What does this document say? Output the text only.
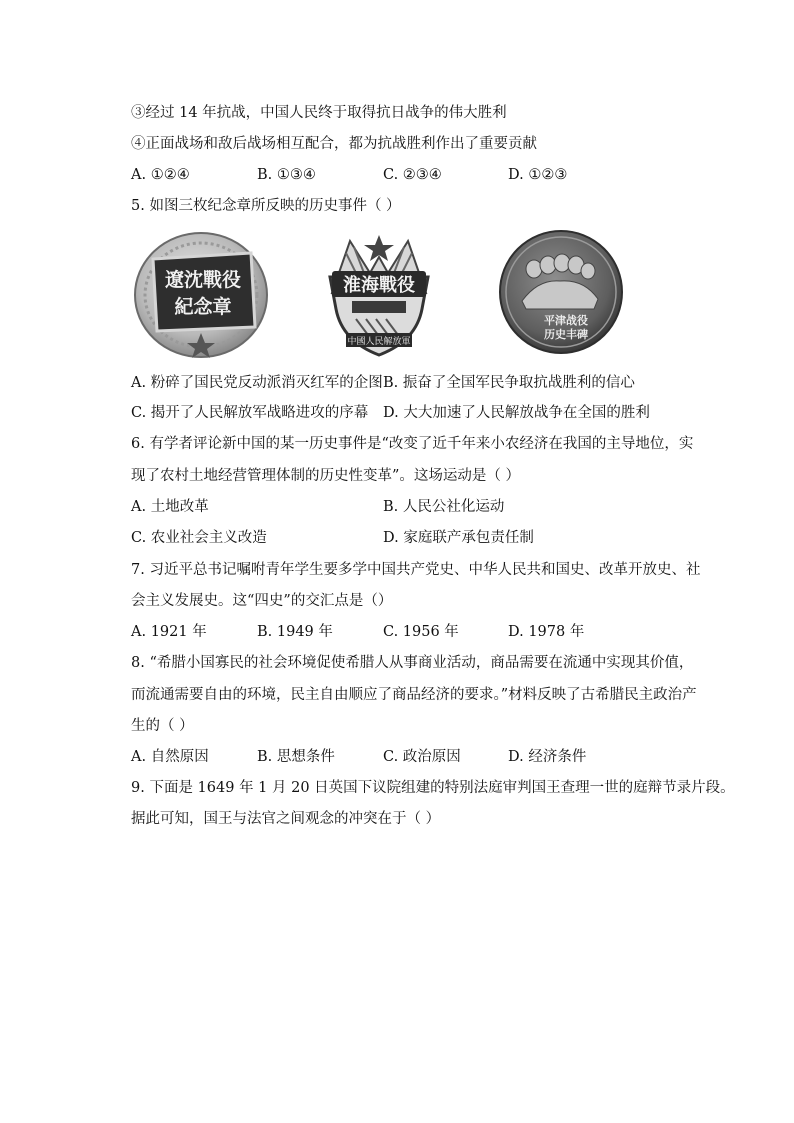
③经过 14 年抗战，中国人民终于取得抗日战争的伟大胜利
④正面战场和敌后战场相互配合，都为抗战胜利作出了重要贡献
A. ①②④	B. ①③④	C. ②③④	D. ①②③
5. 如图三枚纪念章所反映的历史事件（ ）
遼沈戰役
紀念章
淮海戰役
中國人民解放軍
平津战役
历史丰碑
A. 粉碎了国民党反动派消灭红军的企图 B. 振奋了全国军民争取抗战胜利的信心
C. 揭开了人民解放军战略进攻的序幕 D. 大大加速了人民解放战争在全国的胜利
6. 有学者评论新中国的某一历史事件是“改变了近千年来小农经济在我国的主导地位，实
现了农村土地经营管理体制的历史性变革”。这场运动是（ ）
A. 土地改革	B. 人民公社化运动
C. 农业社会主义改造	D. 家庭联产承包责任制
7. 习近平总书记嘱咐青年学生要多学中国共产党史、中华人民共和国史、改革开放史、社
会主义发展史。这“四史”的交汇点是（）
A. 1921 年	B. 1949 年	C. 1956 年	D. 1978 年
8. “希腊小国寡民的社会环境促使希腊人从事商业活动，商品需要在流通中实现其价值，
而流通需要自由的环境，民主自由顺应了商品经济的要求。”材料反映了古希腊民主政治产
生的（ ）
A. 自然原因	B. 思想条件	C. 政治原因	D. 经济条件
9. 下面是 1649 年 1 月 20 日英国下议院组建的特别法庭审判国王查理一世的庭辩节录片段。
据此可知，国王与法官之间观念的冲突在于（ ）
